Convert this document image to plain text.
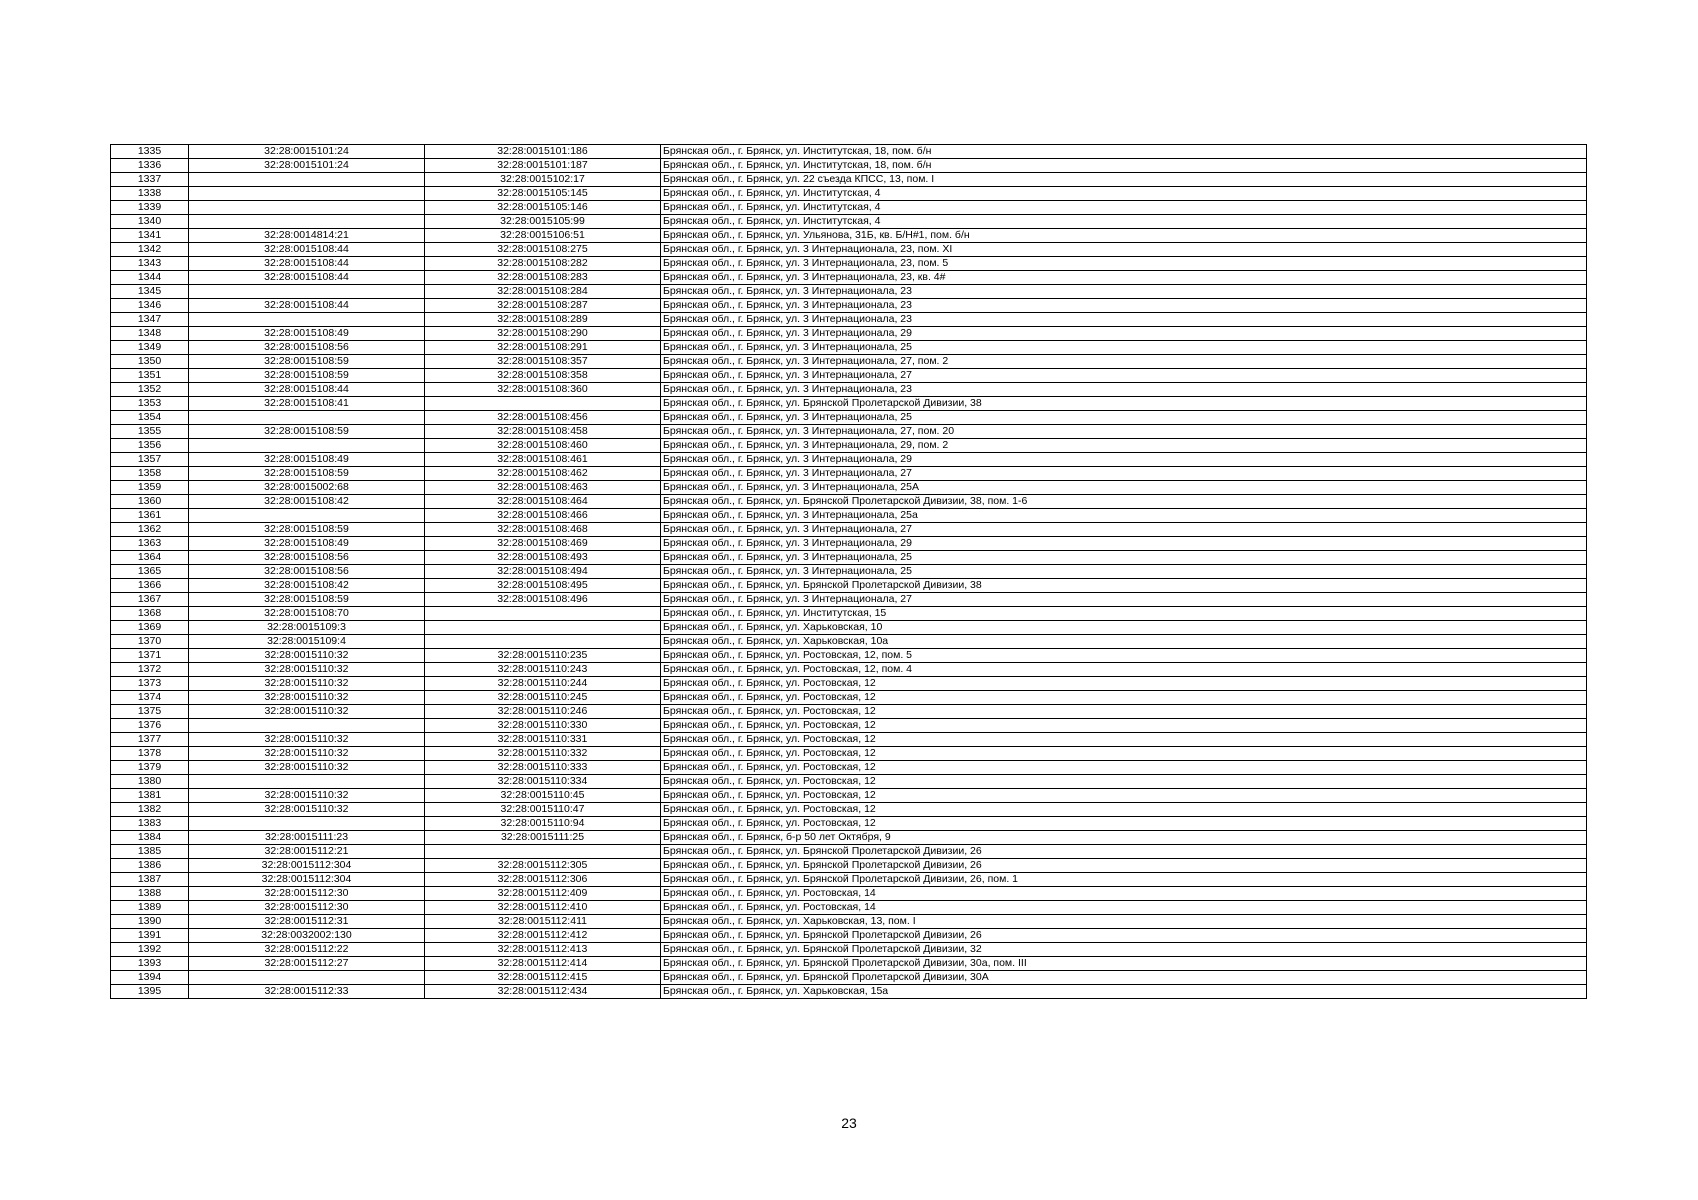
1335	32:28:0015101:24	32:28:0015101:186	Брянская обл., г. Брянск, ул. Институтская, 18, пом. б/н
1336	32:28:0015101:24	32:28:0015101:187	Брянская обл., г. Брянск, ул. Институтская, 18, пом. б/н
1337		32:28:0015102:17	Брянская обл., г. Брянск, ул. 22 съезда КПСС, 13, пом. I
1338		32:28:0015105:145	Брянская обл., г. Брянск, ул. Институтская, 4
1339		32:28:0015105:146	Брянская обл., г. Брянск, ул. Институтская, 4
1340		32:28:0015105:99	Брянская обл., г. Брянск, ул. Институтская, 4
1341	32:28:0014814:21	32:28:0015106:51	Брянская обл., г. Брянск, ул. Ульянова, 31Б, кв. Б/Н#1, пом. б/н
1342	32:28:0015108:44	32:28:0015108:275	Брянская обл., г. Брянск, ул. 3 Интернационала, 23, пом. XI
1343	32:28:0015108:44	32:28:0015108:282	Брянская обл., г. Брянск, ул. 3 Интернационала, 23, пом. 5
1344	32:28:0015108:44	32:28:0015108:283	Брянская обл., г. Брянск, ул. 3 Интернационала, 23, кв. 4#
1345		32:28:0015108:284	Брянская обл., г. Брянск, ул. 3 Интернационала, 23
1346	32:28:0015108:44	32:28:0015108:287	Брянская обл., г. Брянск, ул. 3 Интернационала, 23
1347		32:28:0015108:289	Брянская обл., г. Брянск, ул. 3 Интернационала, 23
1348	32:28:0015108:49	32:28:0015108:290	Брянская обл., г. Брянск, ул. 3 Интернационала, 29
1349	32:28:0015108:56	32:28:0015108:291	Брянская обл., г. Брянск, ул. 3 Интернационала, 25
1350	32:28:0015108:59	32:28:0015108:357	Брянская обл., г. Брянск, ул. 3 Интернационала, 27, пом. 2
1351	32:28:0015108:59	32:28:0015108:358	Брянская обл., г. Брянск, ул. 3 Интернационала, 27
1352	32:28:0015108:44	32:28:0015108:360	Брянская обл., г. Брянск, ул. 3 Интернационала, 23
1353	32:28:0015108:41		Брянская обл., г. Брянск, ул. Брянской Пролетарской Дивизии, 38
1354		32:28:0015108:456	Брянская обл., г. Брянск, ул. 3 Интернационала, 25
1355	32:28:0015108:59	32:28:0015108:458	Брянская обл., г. Брянск, ул. 3 Интернационала, 27, пом. 20
1356		32:28:0015108:460	Брянская обл., г. Брянск, ул. 3 Интернационала, 29, пом. 2
1357	32:28:0015108:49	32:28:0015108:461	Брянская обл., г. Брянск, ул. 3 Интернационала, 29
1358	32:28:0015108:59	32:28:0015108:462	Брянская обл., г. Брянск, ул. 3 Интернационала, 27
1359	32:28:0015002:68	32:28:0015108:463	Брянская обл., г. Брянск, ул. 3 Интернационала, 25А
1360	32:28:0015108:42	32:28:0015108:464	Брянская обл., г. Брянск, ул. Брянской Пролетарской Дивизии, 38, пом. 1-6
1361		32:28:0015108:466	Брянская обл., г. Брянск, ул. 3 Интернационала, 25а
1362	32:28:0015108:59	32:28:0015108:468	Брянская обл., г. Брянск, ул. 3 Интернационала, 27
1363	32:28:0015108:49	32:28:0015108:469	Брянская обл., г. Брянск, ул. 3 Интернационала, 29
1364	32:28:0015108:56	32:28:0015108:493	Брянская обл., г. Брянск, ул. 3 Интернационала, 25
1365	32:28:0015108:56	32:28:0015108:494	Брянская обл., г. Брянск, ул. 3 Интернационала, 25
1366	32:28:0015108:42	32:28:0015108:495	Брянская обл., г. Брянск, ул. Брянской Пролетарской Дивизии, 38
1367	32:28:0015108:59	32:28:0015108:496	Брянская обл., г. Брянск, ул. 3 Интернационала, 27
1368	32:28:0015108:70		Брянская обл., г. Брянск, ул. Институтская, 15
1369	32:28:0015109:3		Брянская обл., г. Брянск, ул. Харьковская, 10
1370	32:28:0015109:4		Брянская обл., г. Брянск, ул. Харьковская, 10а
1371	32:28:0015110:32	32:28:0015110:235	Брянская обл., г. Брянск, ул. Ростовская, 12, пом. 5
1372	32:28:0015110:32	32:28:0015110:243	Брянская обл., г. Брянск, ул. Ростовская, 12, пом. 4
1373	32:28:0015110:32	32:28:0015110:244	Брянская обл., г. Брянск, ул. Ростовская, 12
1374	32:28:0015110:32	32:28:0015110:245	Брянская обл., г. Брянск, ул. Ростовская, 12
1375	32:28:0015110:32	32:28:0015110:246	Брянская обл., г. Брянск, ул. Ростовская, 12
1376		32:28:0015110:330	Брянская обл., г. Брянск, ул. Ростовская, 12
1377	32:28:0015110:32	32:28:0015110:331	Брянская обл., г. Брянск, ул. Ростовская, 12
1378	32:28:0015110:32	32:28:0015110:332	Брянская обл., г. Брянск, ул. Ростовская, 12
1379	32:28:0015110:32	32:28:0015110:333	Брянская обл., г. Брянск, ул. Ростовская, 12
1380		32:28:0015110:334	Брянская обл., г. Брянск, ул. Ростовская, 12
1381	32:28:0015110:32	32:28:0015110:45	Брянская обл., г. Брянск, ул. Ростовская, 12
1382	32:28:0015110:32	32:28:0015110:47	Брянская обл., г. Брянск, ул. Ростовская, 12
1383		32:28:0015110:94	Брянская обл., г. Брянск, ул. Ростовская, 12
1384	32:28:0015111:23	32:28:0015111:25	Брянская обл., г. Брянск, б-р 50 лет Октября, 9
1385	32:28:0015112:21		Брянская обл., г. Брянск, ул. Брянской Пролетарской Дивизии, 26
1386	32:28:0015112:304	32:28:0015112:305	Брянская обл., г. Брянск, ул. Брянской Пролетарской Дивизии, 26
1387	32:28:0015112:304	32:28:0015112:306	Брянская обл., г. Брянск, ул. Брянской Пролетарской Дивизии, 26, пом. 1
1388	32:28:0015112:30	32:28:0015112:409	Брянская обл., г. Брянск, ул. Ростовская, 14
1389	32:28:0015112:30	32:28:0015112:410	Брянская обл., г. Брянск, ул. Ростовская, 14
1390	32:28:0015112:31	32:28:0015112:411	Брянская обл., г. Брянск, ул. Харьковская, 13, пом. I
1391	32:28:0032002:130	32:28:0015112:412	Брянская обл., г. Брянск, ул. Брянской Пролетарской Дивизии, 26
1392	32:28:0015112:22	32:28:0015112:413	Брянская обл., г. Брянск, ул. Брянской Пролетарской Дивизии, 32
1393	32:28:0015112:27	32:28:0015112:414	Брянская обл., г. Брянск, ул. Брянской Пролетарской Дивизии, 30а, пом. III
1394		32:28:0015112:415	Брянская обл., г. Брянск, ул. Брянской Пролетарской Дивизии, 30А
1395	32:28:0015112:33	32:28:0015112:434	Брянская обл., г. Брянск, ул. Харьковская, 15а
23
